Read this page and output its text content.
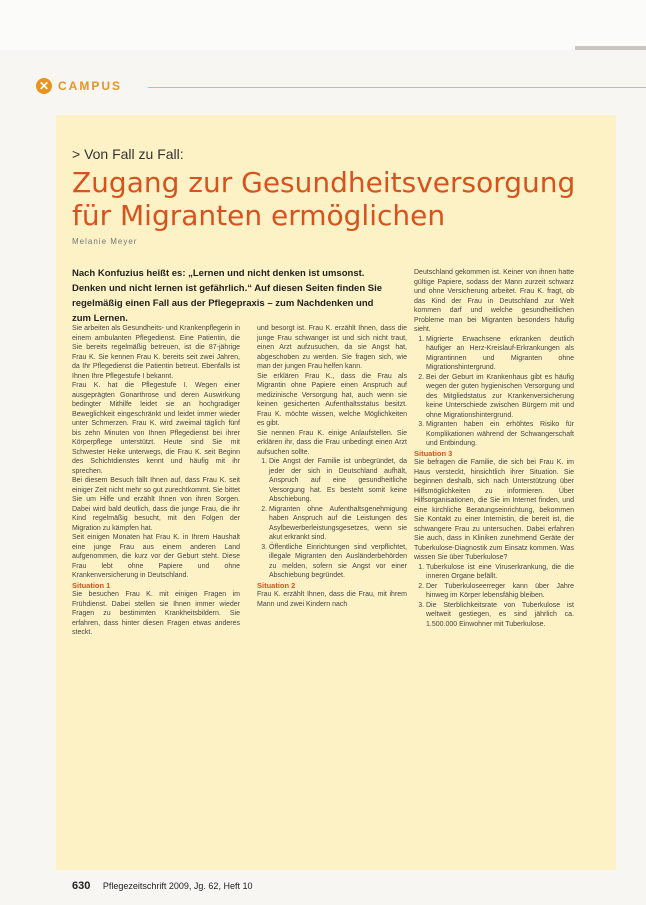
✕ CAMPUS
> Von Fall zu Fall:
Zugang zur Gesundheitsversorgung für Migranten ermöglichen
Melanie Meyer
Nach Konfuzius heißt es: „Lernen und nicht denken ist umsonst. Denken und nicht lernen ist gefährlich.“ Auf diesen Seiten finden Sie regelmäßig einen Fall aus der Pflegepraxis – zum Nachdenken und zum Lernen.

Sie arbeiten als Gesundheits- und Krankenpflegerin in einem ambulanten Pflegedienst. Eine Patientin, die Sie bereits regelmäßig betreuen, ist die 87-jährige Frau K. Sie kennen Frau K. bereits seit zwei Jahren, da Ihr Pflegedienst die Patientin betreut. Ebenfalls ist Ihnen Ihre Pflegestufe I bekannt.

Frau K. hat die Pflegestufe I. Wegen einer ausgeprägten Gonarthrose und deren Auswirkung bedingter Mithilfe leidet sie an hochgradiger Beweglichkeit eingeschränkt und leidet immer wieder unter Schmerzen. Frau K. wird zweimal täglich fünf bis zehn Minuten von Ihnen Pflegedienst bei ihrer Körperpflege unterstützt. Heute sind Sie mit Schwester Heike unterwegs, die Frau K. seit Beginn des Schichtdienstes kennt und häufig mit ihr sprechen.

Bei diesem Besuch fällt Ihnen auf, dass Frau K. seit einiger Zeit nicht mehr so gut zurechtkommt. Sie bittet Sie um Hilfe und erzählt Ihnen von ihren Sorgen. Dabei wird bald deutlich, dass die junge Frau, die ihr Kind regelmäßig besucht, mit den Folgen der Migration zu kämpfen hat.

Seit einigen Monaten hat Frau K. in Ihrem Haushalt eine junge Frau aus einem anderen Land aufgenommen, die kurz vor der Geburt steht. Diese Frau lebt ohne Papiere und ohne Krankenversicherung in Deutschland.

Situation 1

Sie besuchen Frau K. mit einigen Fragen im Frühdienst. Dabei stellen sie Ihnen immer wieder Fragen zu bestimmten Krankheitsbildern. Sie erfahren, dass hinter diesen Fragen etwas anderes steckt.

und besorgt ist. Frau K. erzählt Ihnen, dass die junge Frau schwanger ist und sich nicht traut, einen Arzt aufzusuchen, da sie Angst hat, abgeschoben zu werden. Sie fragen sich, wie man der jungen Frau helfen kann.

Sie erklären Frau K., dass die Frau als Migrantin ohne Papiere einen Anspruch auf medizinische Versorgung hat, auch wenn sie keinen gesicherten Aufenthaltsstatus besitzt. Frau K. möchte wissen, welche Möglichkeiten es gibt.

Sie nennen Frau K. einige Anlaufstellen. Sie erklären ihr, dass die Frau unbedingt einen Arzt aufsuchen sollte.

1. Die Angst der Familie ist unbegründet, da jeder der sich in Deutschland aufhält, Anspruch auf eine gesundheitliche Versorgung hat. Es besteht somit keine Abschiebung.
2. Migranten ohne Aufenthaltsgenehmigung haben Anspruch auf die Leistungen des Asylbewerberleistungsgesetzes, wenn sie akut erkrankt sind.
3. Öffentliche Einrichtungen sind verpflichtet, illegale Migranten den Ausländerbehörden zu melden, sofern sie Angst vor einer Abschiebung begründet.

Situation 2

Frau K. erzählt Ihnen, dass die Frau, mit ihrem Mann und zwei Kindern nach

Deutschland gekommen ist. Keiner von ihnen hatte gültige Papiere, sodass der Mann zurzeit schwarz und ohne Versicherung arbeitet. Frau K. fragt, ob das Kind der Frau in Deutschland zur Welt kommen darf und welche gesundheitlichen Probleme man bei Migranten besonders häufig sieht.

1. Migrierte Erwachsene erkranken deutlich häufiger an Herz-Kreislauf-Erkrankungen als Migrantinnen und Migranten ohne Migrationshintergrund.
2. Bei der Geburt im Krankenhaus gibt es häufig wegen der guten hygienischen Versorgung und des Mitgliedstatus zur Krankenversicherung keine Unterschiede zwischen Bürgern mit und ohne Migrationshintergrund.
3. Migranten haben ein erhöhtes Risiko für Komplikationen während der Schwangerschaft und Entbindung.

Situation 3

Sie befragen die Familie, die sich bei Frau K. im Haus versteckt, hinsichtlich ihrer Situation. Sie beginnen deshalb, sich nach Unterstützung über Hilfsmöglichkeiten zu informieren. Über Hilfsorganisationen, die Sie im Internet finden, und eine kirchliche Beratungseinrichtung, bekommen Sie Kontakt zu einer Internistin, die bereit ist, die schwangere Frau zu untersuchen. Dabei erfahren Sie auch, dass in Kliniken zunehmend Geräte der Tuberkulose-Diagnostik zum Einsatz kommen. Was wissen Sie über Tuberkulose?

1. Tuberkulose ist eine Viruserkrankung, die die inneren Organe befällt.
2. Der Tuberkuloseerreger kann über Jahre hinweg im Körper lebensfähig bleiben.
3. Die Sterblichkeitsrate von Tuberkulose ist weltweit gestiegen, es sind jährlich ca. 1.500.000 Einwohner mit Tuberkulose.
630 Pflegezeitschrift 2009, Jg. 62, Heft 10
